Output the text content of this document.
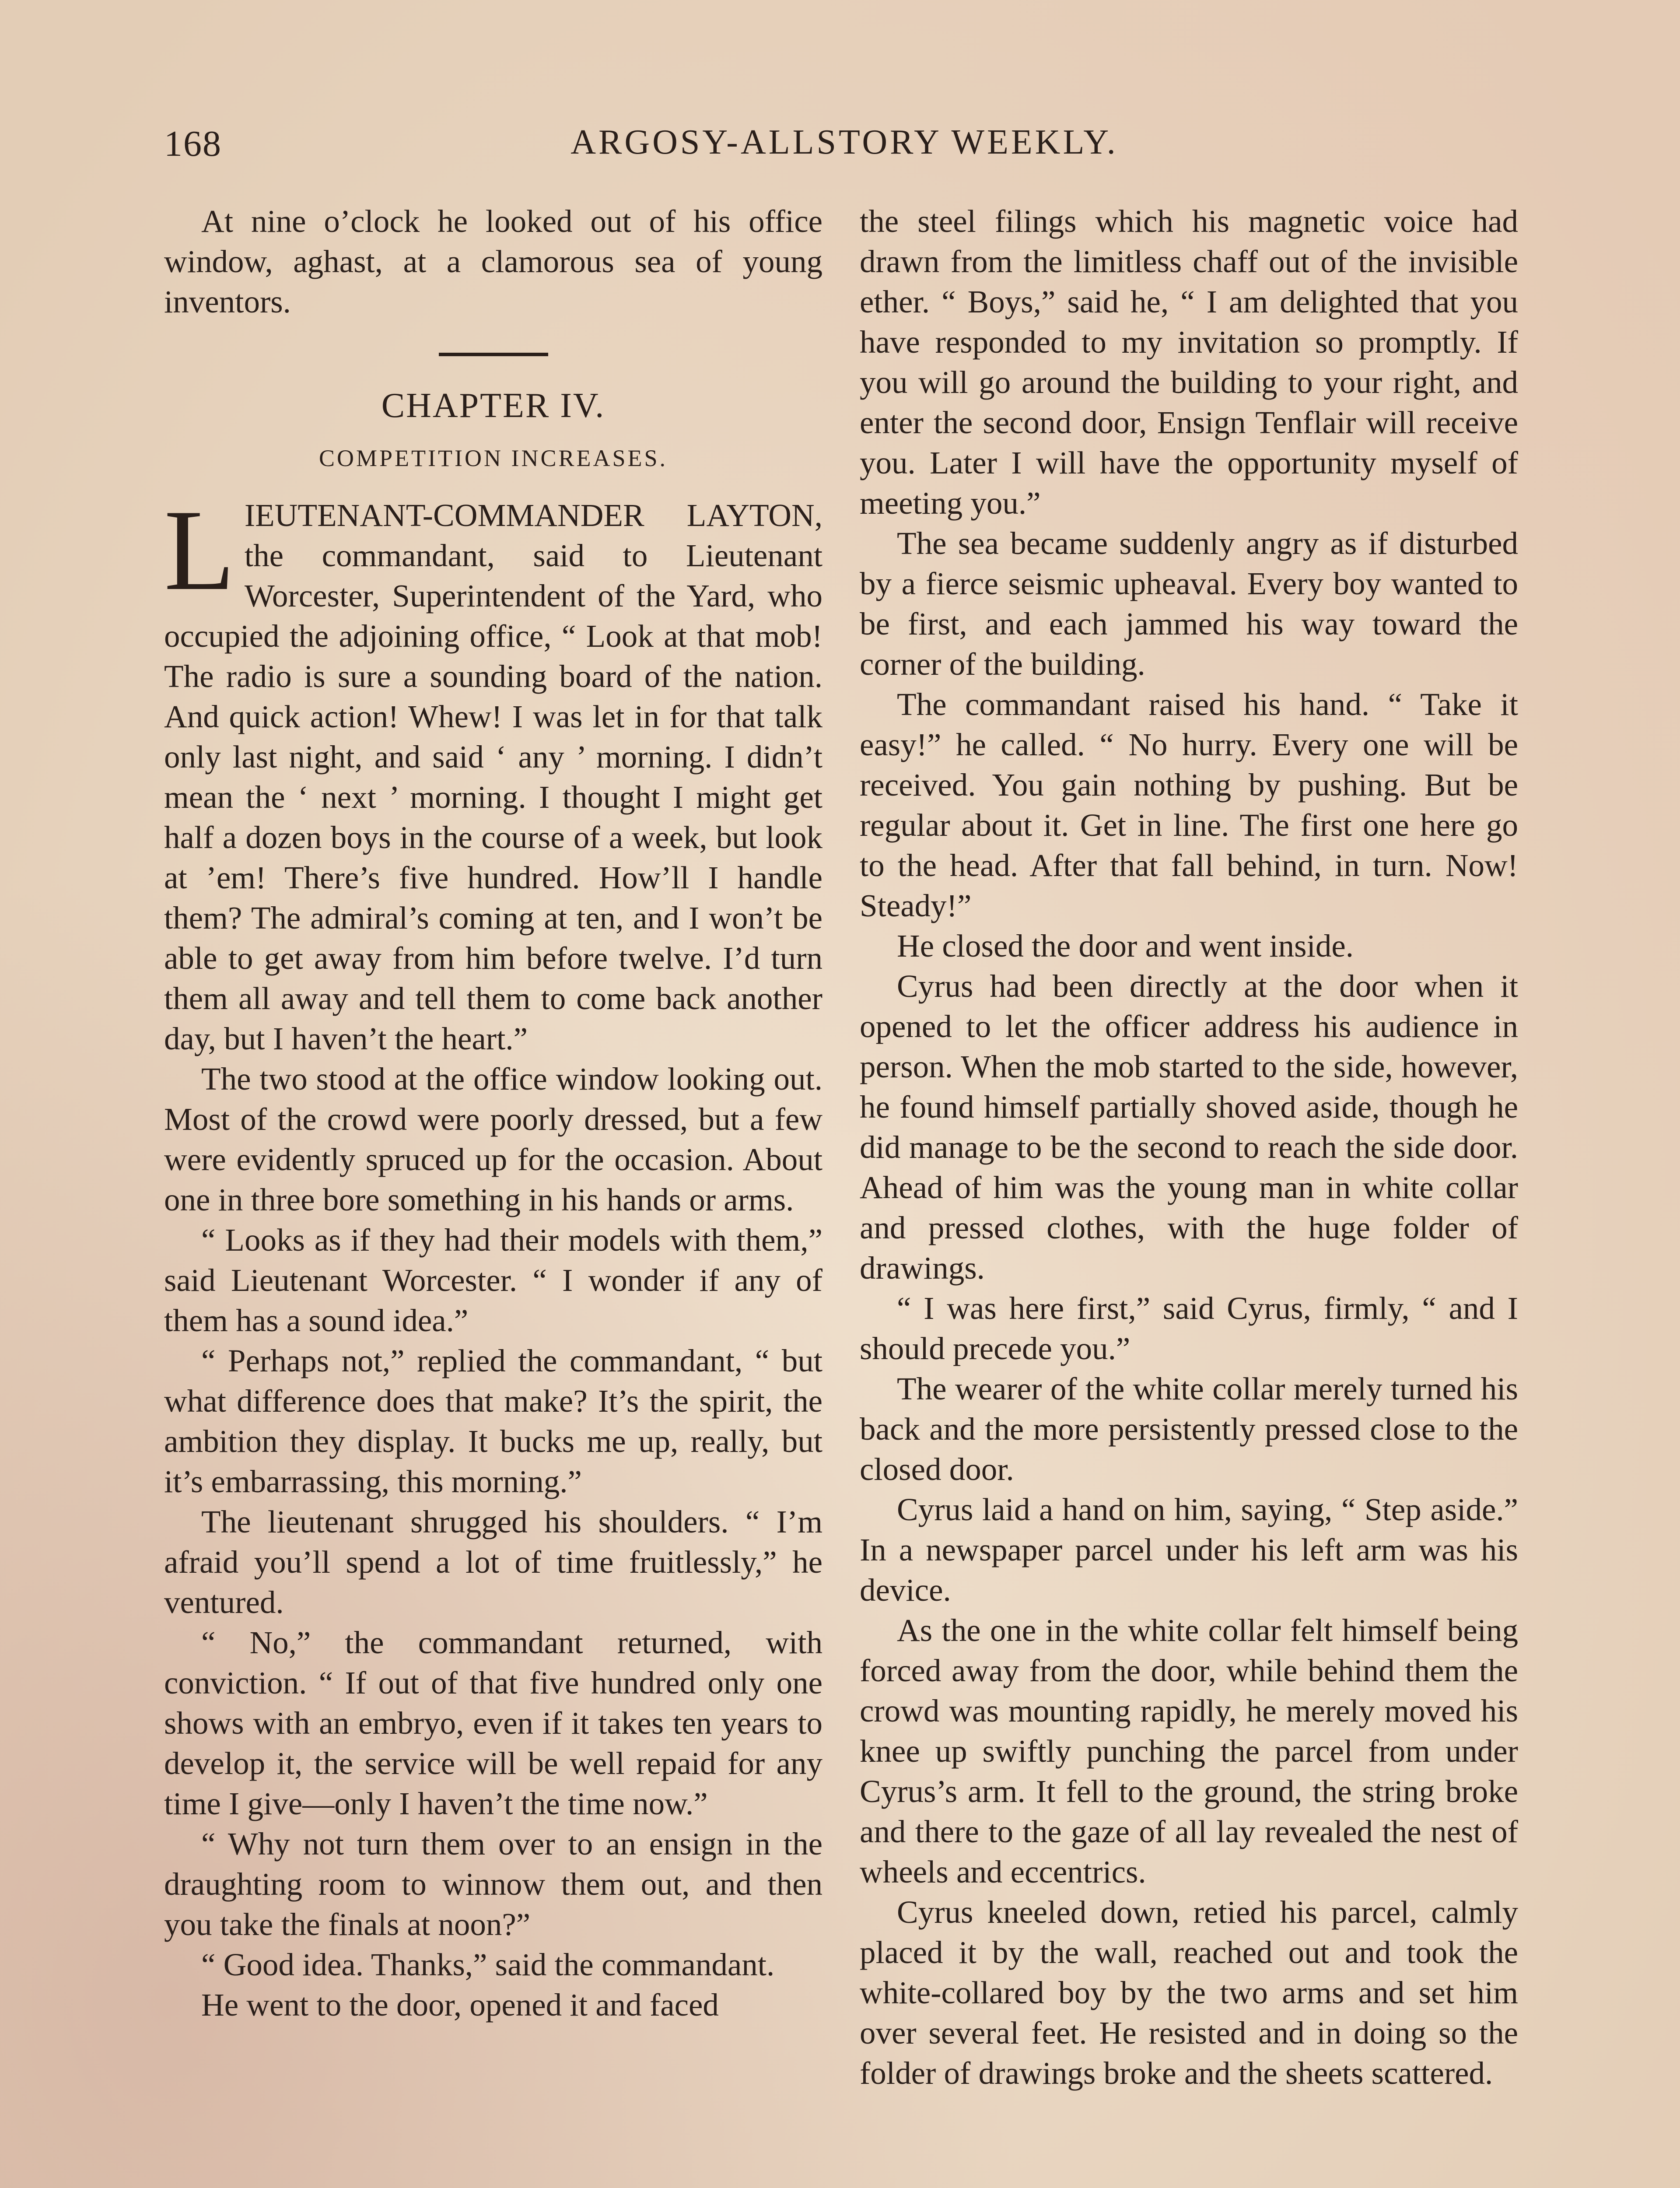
168	ARGOSY-ALLSTORY WEEKLY.

At nine o’clock he looked out of his office window, aghast, at a clamorous sea of young inventors.

CHAPTER IV.
COMPETITION INCREASES.

LIEUTENANT-COMMANDER LAYTON, the commandant, said to Lieutenant Worcester, Superintendent of the Yard, who occupied the adjoining office, “ Look at that mob! The radio is sure a sounding board of the nation. And quick action! Whew! I was let in for that talk only last night, and said ‘ any ’ morning. I didn’t mean the ‘ next ’ morning. I thought I might get half a dozen boys in the course of a week, but look at ’em! There’s five hundred. How’ll I handle them? The admiral’s coming at ten, and I won’t be able to get away from him before twelve. I’d turn them all away and tell them to come back another day, but I haven’t the heart.”

The two stood at the office window looking out. Most of the crowd were poorly dressed, but a few were evidently spruced up for the occasion. About one in three bore something in his hands or arms.

“ Looks as if they had their models with them,” said Lieutenant Worcester. “ I wonder if any of them has a sound idea.”

“ Perhaps not,” replied the commandant, “ but what difference does that make? It’s the spirit, the ambition they display. It bucks me up, really, but it’s embarrassing, this morning.”

The lieutenant shrugged his shoulders. “ I’m afraid you’ll spend a lot of time fruitlessly,” he ventured.

“ No,” the commandant returned, with conviction. “ If out of that five hundred only one shows with an embryo, even if it takes ten years to develop it, the service will be well repaid for any time I give—only I haven’t the time now.”

“ Why not turn them over to an ensign in the draughting room to winnow them out, and then you take the finals at noon?”

“ Good idea. Thanks,” said the commandant.

He went to the door, opened it and faced

the steel filings which his magnetic voice had drawn from the limitless chaff out of the invisible ether. “ Boys,” said he, “ I am delighted that you have responded to my invitation so promptly. If you will go around the building to your right, and enter the second door, Ensign Tenflair will receive you. Later I will have the opportunity myself of meeting you.”

The sea became suddenly angry as if disturbed by a fierce seismic upheaval. Every boy wanted to be first, and each jammed his way toward the corner of the building.

The commandant raised his hand. “ Take it easy!” he called. “ No hurry. Every one will be received. You gain nothing by pushing. But be regular about it. Get in line. The first one here go to the head. After that fall behind, in turn. Now! Steady!”

He closed the door and went inside.

Cyrus had been directly at the door when it opened to let the officer address his audience in person. When the mob started to the side, however, he found himself partially shoved aside, though he did manage to be the second to reach the side door. Ahead of him was the young man in white collar and pressed clothes, with the huge folder of drawings.

“ I was here first,” said Cyrus, firmly, “ and I should precede you.”

The wearer of the white collar merely turned his back and the more persistently pressed close to the closed door.

Cyrus laid a hand on him, saying, “ Step aside.” In a newspaper parcel under his left arm was his device.

As the one in the white collar felt himself being forced away from the door, while behind them the crowd was mounting rapidly, he merely moved his knee up swiftly punching the parcel from under Cyrus’s arm. It fell to the ground, the string broke and there to the gaze of all lay revealed the nest of wheels and eccentrics.

Cyrus kneeled down, retied his parcel, calmly placed it by the wall, reached out and took the white-collared boy by the two arms and set him over several feet. He resisted and in doing so the folder of drawings broke and the sheets scattered.
